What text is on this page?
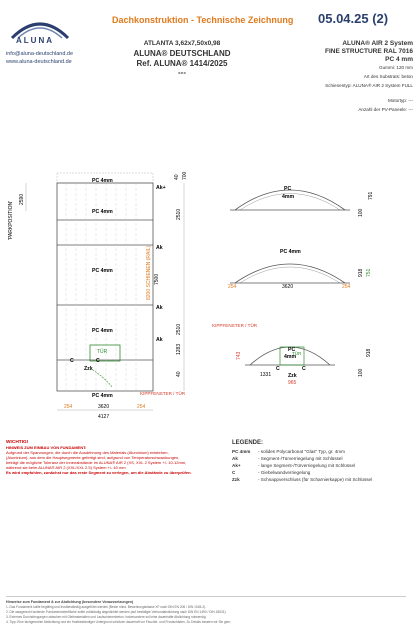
ALUNA
info@aluna-deutschland.de
www.aluna-deutschland.de
Dachkonstruktion - Technische Zeichnung 05.04.25 (2)
ATLANTA 3,62x7,50x0,98
ALUNA® DEUTSCHLAND
Ref. ALUNA® 1414/2025
---
ALUNA® AIR 2 System
FINE STRUCTURE RAL 7016
PC 4 mm
Gummi: 120 mm
Art des Substrats: beton
Schienentyp: ALUNA® AIR 2 System FULL
Motortyp: ---
Anzahl der PV-Paneele: ---
'PARKPOSITION'
2590
PC 4mm
PC 4mm
PC 4mm
PC 4mm
PC 4mm
Ak+
Ak
Ak
Ak
8200 SCHIENEN (RAIL) 7500
TÜR
C	C
Zzk
KIPPFENSTER / TÜR
40 700
2510
2510
1283
40
254	3620	254
4127
PC
4mm	791
100
PC 4mm
254	3620	254
918 751
KIPPFENSTER / TÜR
743
PC
4mm
TÜR
C	C
Zzk
1331
965
918
100
WICHTIG!
HINWEIS ZUM EINBAU VON FUNDAMENT:
Aufgrund der Spannungen, die durch die Ausdehnung des Materials (Aluminium) entstehen,
(Aluminium), aus dem die Hauptsegmente gefertigt sind, aufgrund von Temperaturschwankungen,
beträgt die mögliche Toleranz der Innenabstände im ALUNA® AIR 2 (XS, XXL 2 System +/- 10-12mm,
während sie beim ALUNA® AIR 2 (XXL/XXL 2.5) System +/- 40 mm
Es wird empfohlen, zunächst nur das erste Segment zu verlegen, um die Abstände zu überprüfen.
LEGENDE:
PC 4mm	- solides Polycarbonat "Glas" Typ, gr. 4mm
Ak	- Segment-/Türverriegelung mit Schlüssel
Ak+	- lange Segment-/Türverriegelung mit Schlüssel
C	- Giebelwandverriegelung
Zzk	- Schnappverschluss (für Scharnierkappe) mit Schlüssel
Hinweise zum Fundament & zur Abdichtung (besondere Voraussetzungen)
1. Das Fundament sollte tiegfähig und frostbeständig ausgeführt werden (Beton mind. Bewehrungsklasse XF nach DIN EN 206 / DIN 1045-2).
2. Die waagerecht laufende Fundamentoberfläche sollte vollständig abgedichtet werden (auf bestätigte Verbundabdichtung nach DIN EN 1490 / DIN 18531).
3. Externes Durchdringungen zwischen mit Gleitmaterialien und Laufschienenbeton. Insbesondere soll eine dauerhafte Abdichtung notwendig.
4. Tipp: Eine fachgerechte Abdichtung und ein frostbeständiger Untergrund schützen dauerhaft vor Feuchte- und Frostschäden. Zu Details beraten wir Sie gern.
